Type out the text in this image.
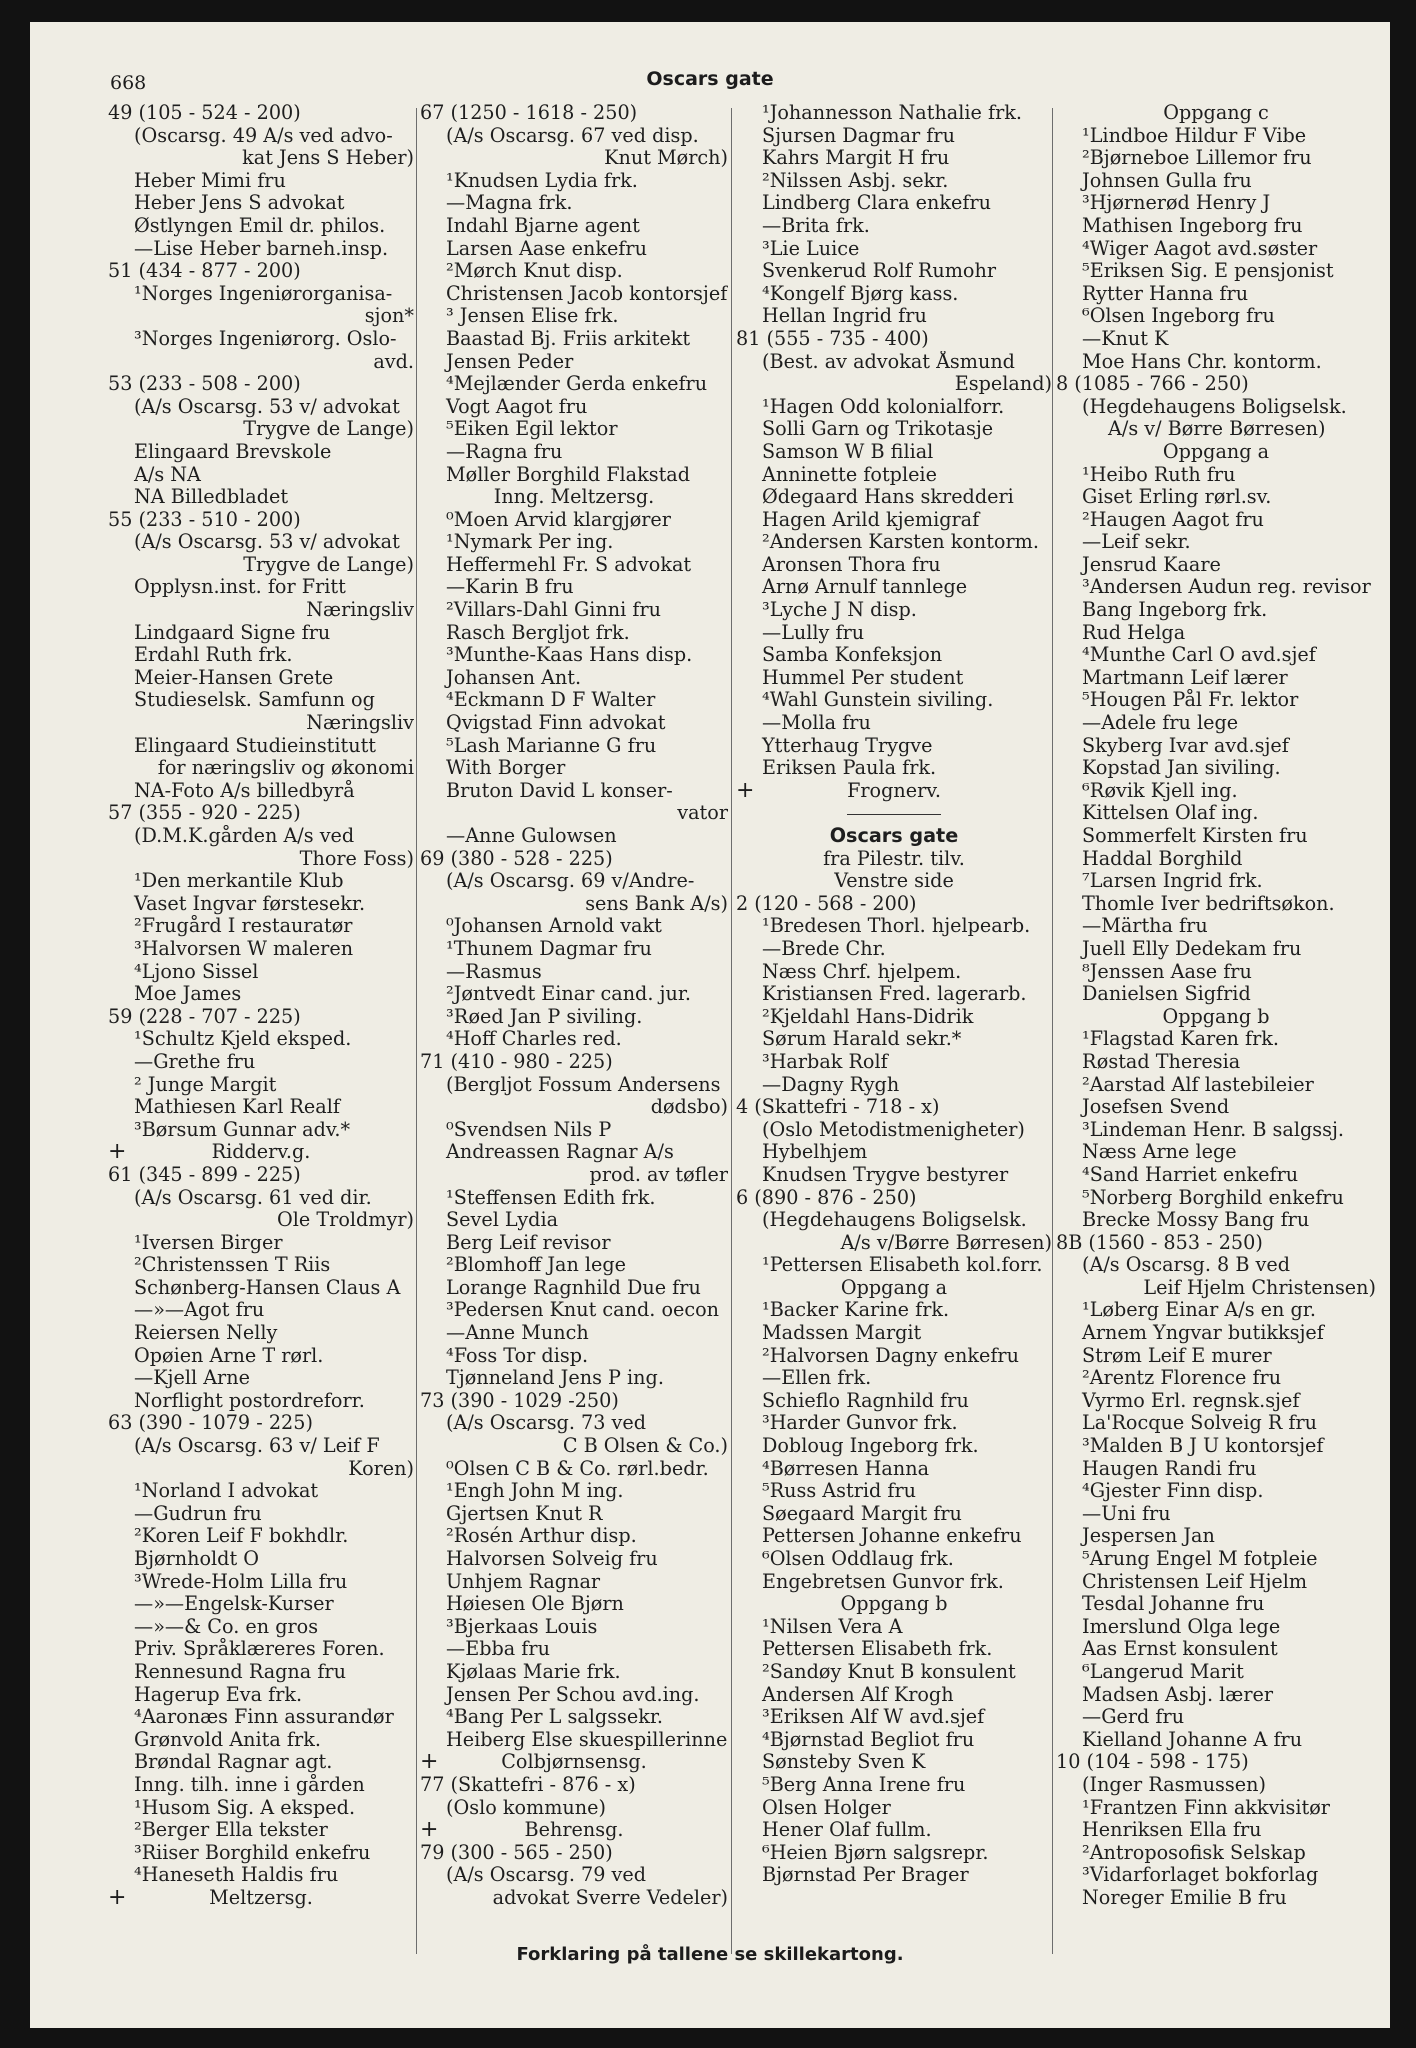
668	Oscars gate
49 (105 - 524 - 200)
(Oscarsg. 49 A/s ved advo-
kat Jens S Heber)
Heber Mimi fru
Heber Jens S advokat
Østlyngen Emil dr. philos.
—Lise Heber barneh.insp.
51 (434 - 877 - 200)
¹Norges Ingeniørorganisa-
sjon*
³Norges Ingeniørorg. Oslo-
avd.
53 (233 - 508 - 200)
(A/s Oscarsg. 53 v/ advokat
Trygve de Lange)
Elingaard Brevskole
A/s NA
NA Billedbladet
55 (233 - 510 - 200)
(A/s Oscarsg. 53 v/ advokat
Trygve de Lange)
Opplysn.inst. for Fritt
Næringsliv
Lindgaard Signe fru
Erdahl Ruth frk.
Meier-Hansen Grete
Studieselsk. Samfunn og
Næringsliv
Elingaard Studieinstitutt
for næringsliv og økonomi
NA-Foto A/s billedbyrå
57 (355 - 920 - 225)
(D.M.K.gården A/s ved
Thore Foss)
¹Den merkantile Klub
Vaset Ingvar førstesekr.
²Frugård I restauratør
³Halvorsen W maleren
⁴Ljono Sissel
Moe James
59 (228 - 707 - 225)
¹Schultz Kjeld eksped.
—Grethe fru
² Junge Margit
Mathiesen Karl Realf
³Børsum Gunnar adv.*
+	Ridderv.g.
61 (345 - 899 - 225)
(A/s Oscarsg. 61 ved dir.
Ole Troldmyr)
¹Iversen Birger
²Christenssen T Riis
Schønberg-Hansen Claus A
—»—Agot fru
Reiersen Nelly
Opøien Arne T rørl.
—Kjell Arne
Norflight postordreforr.
63 (390 - 1079 - 225)
(A/s Oscarsg. 63 v/ Leif F
Koren)
¹Norland I advokat
—Gudrun fru
²Koren Leif F bokhdlr.
Bjørnholdt O
³Wrede-Holm Lilla fru
—»—Engelsk-Kurser
—»—& Co. en gros
Priv. Språklæreres Foren.
Rennesund Ragna fru
Hagerup Eva frk.
⁴Aaronæs Finn assurandør
Grønvold Anita frk.
Brøndal Ragnar agt.
Inng. tilh. inne i gården
¹Husom Sig. A eksped.
²Berger Ella tekster
³Riiser Borghild enkefru
⁴Haneseth Haldis fru
+	Meltzersg.
67 (1250 - 1618 - 250)
(A/s Oscarsg. 67 ved disp.
Knut Mørch)
¹Knudsen Lydia frk.
—Magna frk.
Indahl Bjarne agent
Larsen Aase enkefru
²Mørch Knut disp.
Christensen Jacob kontorsjef
³ Jensen Elise frk.
Baastad Bj. Friis arkitekt
Jensen Peder
⁴Mejlænder Gerda enkefru
Vogt Aagot fru
⁵Eiken Egil lektor
—Ragna fru
Møller Borghild Flakstad
Inng. Meltzersg.
⁰Moen Arvid klargjører
¹Nymark Per ing.
Heffermehl Fr. S advokat
—Karin B fru
²Villars-Dahl Ginni fru
Rasch Bergljot frk.
³Munthe-Kaas Hans disp.
Johansen Ant.
⁴Eckmann D F Walter
Qvigstad Finn advokat
⁵Lash Marianne G fru
With Borger
Bruton David L konser-
vator
—Anne Gulowsen
69 (380 - 528 - 225)
(A/s Oscarsg. 69 v/Andre-
sens Bank A/s)
⁰Johansen Arnold vakt
¹Thunem Dagmar fru
—Rasmus
²Jøntvedt Einar cand. jur.
³Røed Jan P siviling.
⁴Hoff Charles red.
71 (410 - 980 - 225)
(Bergljot Fossum Andersens
dødsbo)
⁰Svendsen Nils P
Andreassen Ragnar A/s
prod. av tøfler
¹Steffensen Edith frk.
Sevel Lydia
Berg Leif revisor
²Blomhoff Jan lege
Lorange Ragnhild Due fru
³Pedersen Knut cand. oecon
—Anne Munch
⁴Foss Tor disp.
Tjønneland Jens P ing.
73 (390 - 1029 -250)
(A/s Oscarsg. 73 ved
C B Olsen & Co.)
⁰Olsen C B & Co. rørl.bedr.
¹Engh John M ing.
Gjertsen Knut R
²Rosén Arthur disp.
Halvorsen Solveig fru
Unhjem Ragnar
Høiesen Ole Bjørn
³Bjerkaas Louis
—Ebba fru
Kjølaas Marie frk.
Jensen Per Schou avd.ing.
⁴Bang Per L salgssekr.
Heiberg Else skuespillerinne
+	Colbjørnsensg.
77 (Skattefri - 876 - x)
(Oslo kommune)
+	Behrensg.
79 (300 - 565 - 250)
(A/s Oscarsg. 79 ved
advokat Sverre Vedeler)
¹Johannesson Nathalie frk.
Sjursen Dagmar fru
Kahrs Margit H fru
²Nilssen Asbj. sekr.
Lindberg Clara enkefru
—Brita frk.
³Lie Luice
Svenkerud Rolf Rumohr
⁴Kongelf Bjørg kass.
Hellan Ingrid fru
81 (555 - 735 - 400)
(Best. av advokat Åsmund
Espeland)
¹Hagen Odd kolonialforr.
Solli Garn og Trikotasje
Samson W B filial
Anninette fotpleie
Ødegaard Hans skredderi
Hagen Arild kjemigraf
²Andersen Karsten kontorm.
Aronsen Thora fru
Arnø Arnulf tannlege
³Lyche J N disp.
—Lully fru
Samba Konfeksjon
Hummel Per student
⁴Wahl Gunstein siviling.
—Molla fru
Ytterhaug Trygve
Eriksen Paula frk.
+	Frognerv.
Oscars gate
fra Pilestr. tilv.
Venstre side
2 (120 - 568 - 200)
¹Bredesen Thorl. hjelpearb.
—Brede Chr.
Næss Chrf. hjelpem.
Kristiansen Fred. lagerarb.
²Kjeldahl Hans-Didrik
Sørum Harald sekr.*
³Harbak Rolf
—Dagny Rygh
4 (Skattefri - 718 - x)
(Oslo Metodistmenigheter)
Hybelhjem
Knudsen Trygve bestyrer
6 (890 - 876 - 250)
(Hegdehaugens Boligselsk.
A/s v/Børre Børresen)
¹Pettersen Elisabeth kol.forr.
Oppgang a
¹Backer Karine frk.
Madssen Margit
²Halvorsen Dagny enkefru
—Ellen frk.
Schieflo Ragnhild fru
³Harder Gunvor frk.
Dobloug Ingeborg frk.
⁴Børresen Hanna
⁵Russ Astrid fru
Søegaard Margit fru
Pettersen Johanne enkefru
⁶Olsen Oddlaug frk.
Engebretsen Gunvor frk.
Oppgang b
¹Nilsen Vera A
Pettersen Elisabeth frk.
²Sandøy Knut B konsulent
Andersen Alf Krogh
³Eriksen Alf W avd.sjef
⁴Bjørnstad Begliot fru
Sønsteby Sven K
⁵Berg Anna Irene fru
Olsen Holger
Hener Olaf fullm.
⁶Heien Bjørn salgsrepr.
Bjørnstad Per Brager
Oppgang c
¹Lindboe Hildur F Vibe
²Bjørneboe Lillemor fru
Johnsen Gulla fru
³Hjørnerød Henry J
Mathisen Ingeborg fru
⁴Wiger Aagot avd.søster
⁵Eriksen Sig. E pensjonist
Rytter Hanna fru
⁶Olsen Ingeborg fru
—Knut K
Moe Hans Chr. kontorm.
8 (1085 - 766 - 250)
(Hegdehaugens Boligselsk.
A/s v/ Børre Børresen)
Oppgang a
¹Heibo Ruth fru
Giset Erling rørl.sv.
²Haugen Aagot fru
—Leif sekr.
Jensrud Kaare
³Andersen Audun reg. revisor
Bang Ingeborg frk.
Rud Helga
⁴Munthe Carl O avd.sjef
Martmann Leif lærer
⁵Hougen Pål Fr. lektor
—Adele fru lege
Skyberg Ivar avd.sjef
Kopstad Jan siviling.
⁶Røvik Kjell ing.
Kittelsen Olaf ing.
Sommerfelt Kirsten fru
Haddal Borghild
⁷Larsen Ingrid frk.
Thomle Iver bedriftsøkon.
—Märtha fru
Juell Elly Dedekam fru
⁸Jenssen Aase fru
Danielsen Sigfrid
Oppgang b
¹Flagstad Karen frk.
Røstad Theresia
²Aarstad Alf lastebileier
Josefsen Svend
³Lindeman Henr. B salgssj.
Næss Arne lege
⁴Sand Harriet enkefru
⁵Norberg Borghild enkefru
Brecke Mossy Bang fru
8B (1560 - 853 - 250)
(A/s Oscarsg. 8 B ved
Leif Hjelm Christensen)
¹Løberg Einar A/s en gr.
Arnem Yngvar butikksjef
Strøm Leif E murer
²Arentz Florence fru
Vyrmo Erl. regnsk.sjef
La'Rocque Solveig R fru
³Malden B J U kontorsjef
Haugen Randi fru
⁴Gjester Finn disp.
—Uni fru
Jespersen Jan
⁵Arung Engel M fotpleie
Christensen Leif Hjelm
Tesdal Johanne fru
Imerslund Olga lege
Aas Ernst konsulent
⁶Langerud Marit
Madsen Asbj. lærer
—Gerd fru
Kielland Johanne A fru
10 (104 - 598 - 175)
(Inger Rasmussen)
¹Frantzen Finn akkvisitør
Henriksen Ella fru
²Antroposofisk Selskap
³Vidarforlaget bokforlag
Noreger Emilie B fru
Forklaring på tallene se skillekartong.
